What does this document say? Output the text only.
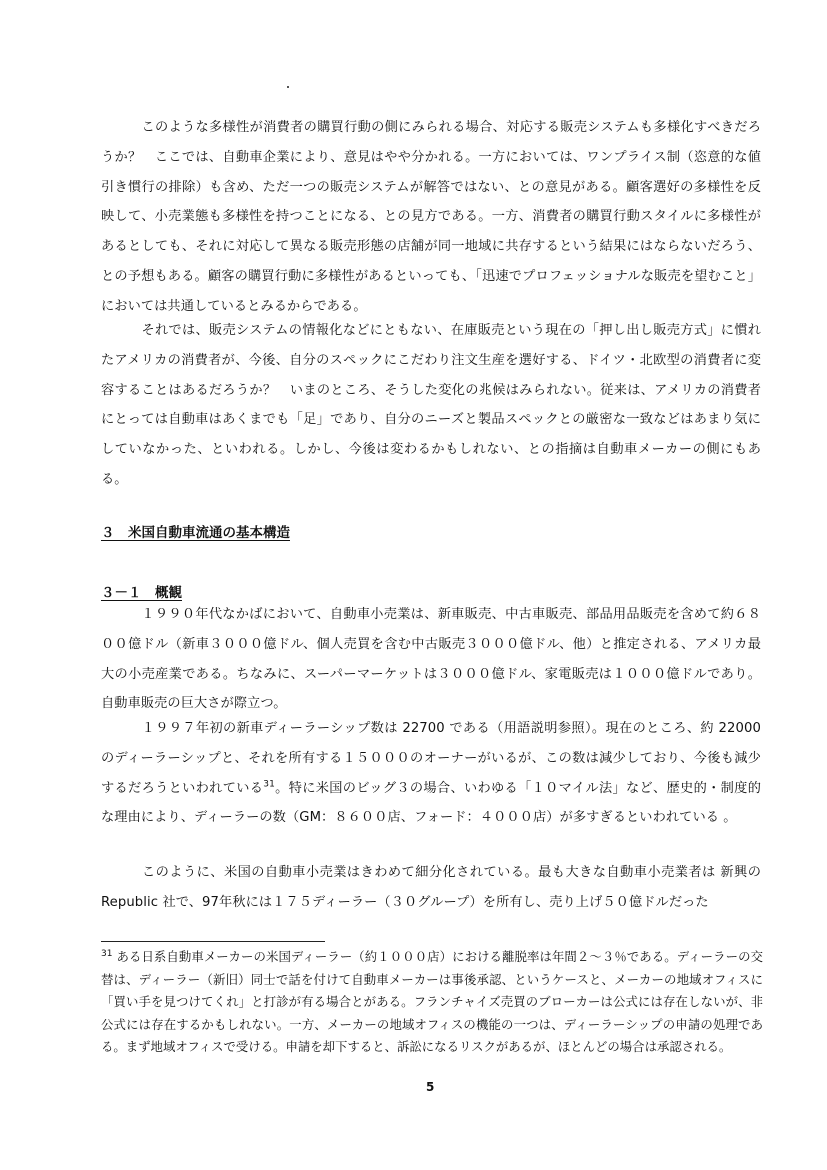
　　　このような多様性が消費者の購買行動の側にみられる場合、対応する販売システムも多様化すべきだろうか？　ここでは、自動車企業により、意見はやや分かれる。一方においては、ワンプライス制（恣意的な値引き慣行の排除）も含め、ただ一つの販売システムが解答ではない、との意見がある。顧客選好の多様性を反映して、小売業態も多様性を持つことになる、との見方である。一方、消費者の購買行動スタイルに多様性があるとしても、それに対応して異なる販売形態の店舗が同一地域に共存するという結果にはならないだろう、との予想もある。顧客の購買行動に多様性があるといっても、「迅速でプロフェッショナルな販売を望むこと」においては共通しているとみるからである。

　　　それでは、販売システムの情報化などにともない、在庫販売という現在の「押し出し販売方式」に慣れたアメリカの消費者が、今後、自分のスペックにこだわり注文生産を選好する、ドイツ・北欧型の消費者に変容することはあるだろうか？　いまのところ、そうした変化の兆候はみられない。従来は、アメリカの消費者にとっては自動車はあくまでも「足」であり、自分のニーズと製品スペックとの厳密な一致などはあまり気にしていなかった、といわれる。しかし、今後は変わるかもしれない、との指摘は自動車メーカーの側にもある。

３　米国自動車流通の基本構造
３－１　概観

　　　１９９０年代なかばにおいて、自動車小売業は、新車販売、中古車販売、部品用品販売を含めて約６８００億ドル（新車３０００億ドル、個人売買を含む中古販売３０００億ドル、他）と推定される、アメリカ最大の小売産業である。ちなみに、スーパーマーケットは３０００億ドル、家電販売は１０００億ドルであり。自動車販売の巨大さが際立つ。

　　　１９９７年初の新車ディーラーシップ数は 22700 である（用語説明参照）。現在のところ、約 22000のディーラーシップと、それを所有する１５０００のオーナーがいるが、この数は減少しており、今後も減少するだろうといわれている$^{31}$。特に米国のビッグ３の場合、いわゆる「１０マイル法」など、歴史的・制度的な理由により、ディーラーの数（GM：８６００店、フォード：４０００店）が多すぎるといわれている 。

　　　このように、米国の自動車小売業はきわめて細分化されている。最も大きな自動車小売業者は 新興のRepublic 社で、97年秋には１７５ディーラー（３０グループ）を所有し、売り上げ５０億ドルだった

$^{31}$ ある日系自動車メーカーの米国ディーラー（約１０００店）における離脱率は年間２～３％である。ディーラーの交替は、ディーラー（新旧）同士で話を付けて自動車メーカーは事後承認、というケースと、メーカーの地域オフィスに「買い手を見つけてくれ」と打診が有る場合とがある。フランチャイズ売買のブローカーは公式には存在しないが、非公式には存在するかもしれない。一方、メーカーの地域オフィスの機能の一つは、ディーラーシップの申請の処理である。まず地域オフィスで受ける。申請を却下すると、訴訟になるリスクがあるが、ほとんどの場合は承認される。

5
